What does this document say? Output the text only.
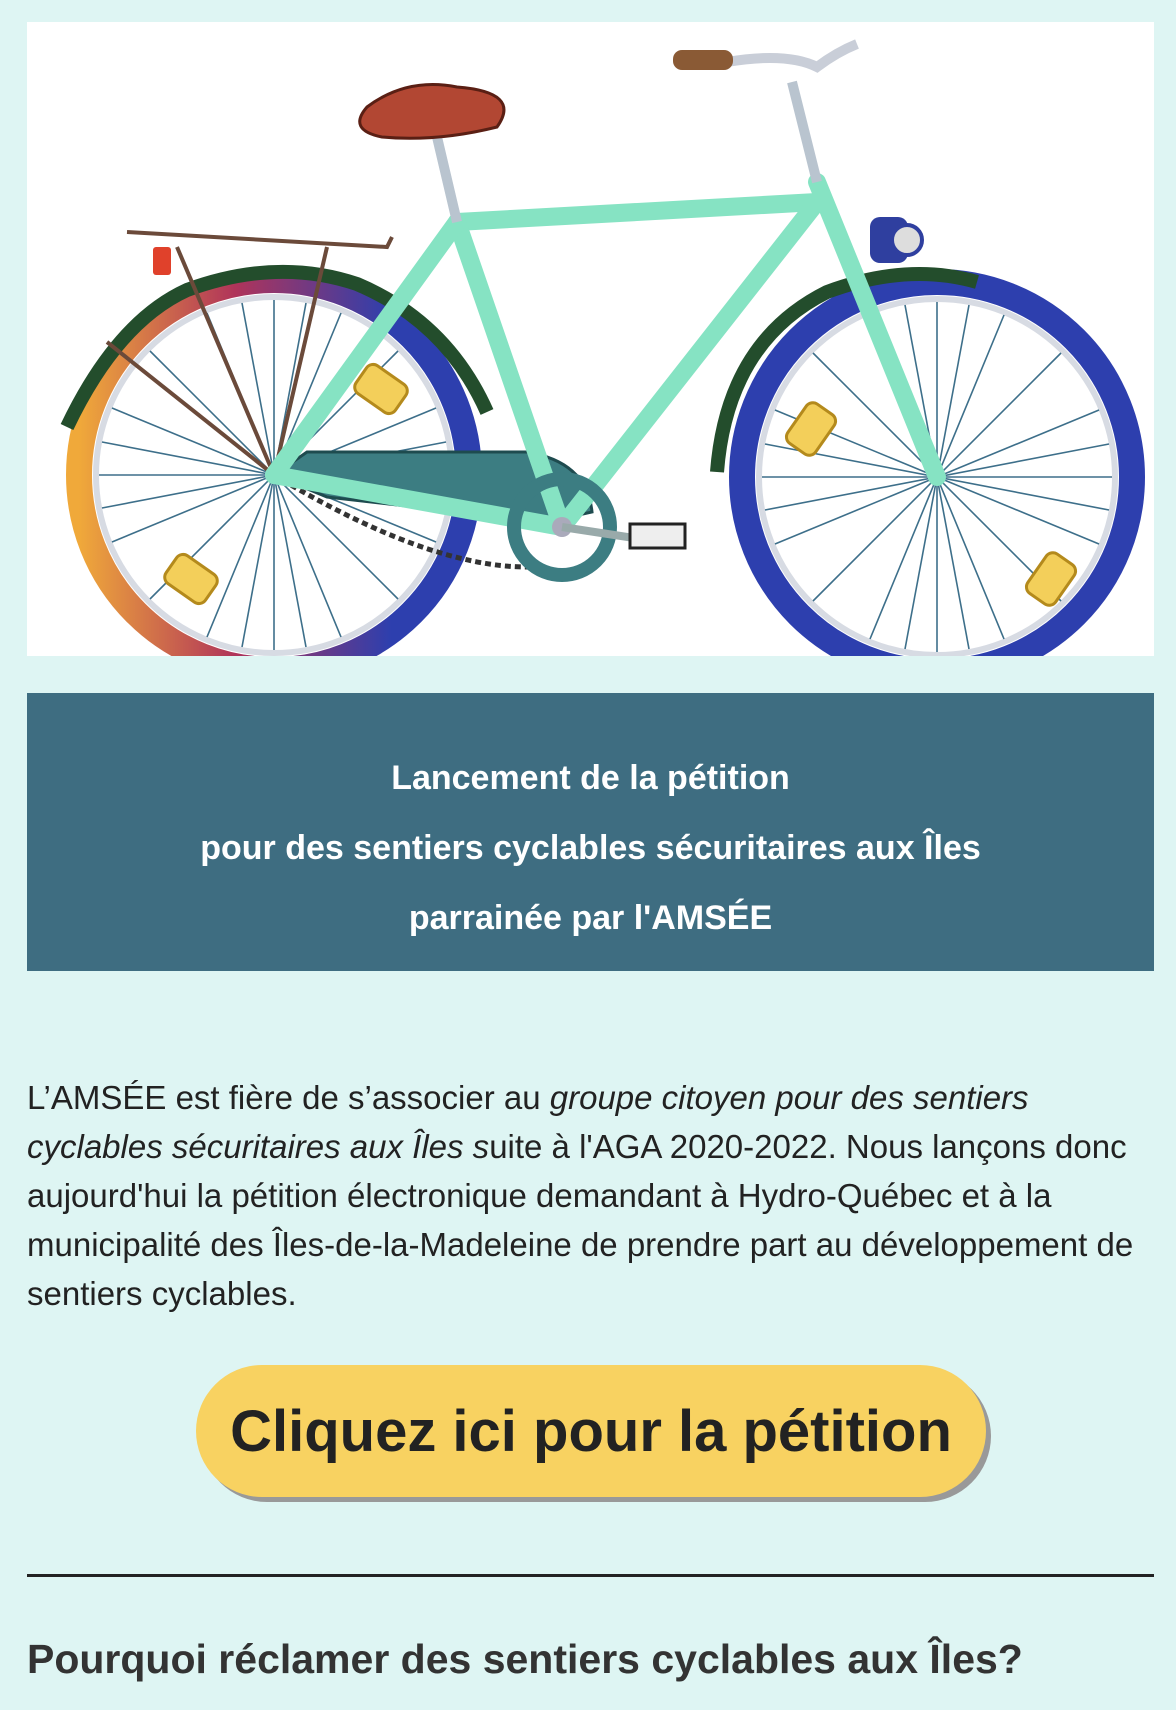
Lancement de la pétition

pour des sentiers cyclables sécuritaires aux Îles

parrainée par l'AMSÉE

L’AMSÉE est fière de s’associer au groupe citoyen pour des sentiers cyclables sécuritaires aux Îles suite à l'AGA 2020-2022. Nous lançons donc aujourd'hui la pétition électronique demandant à Hydro-Québec et à la municipalité des Îles-de-la-Madeleine de prendre part au développement de sentiers cyclables.

Cliquez ici pour la pétition
Pourquoi réclamer des sentiers cyclables aux Îles?
